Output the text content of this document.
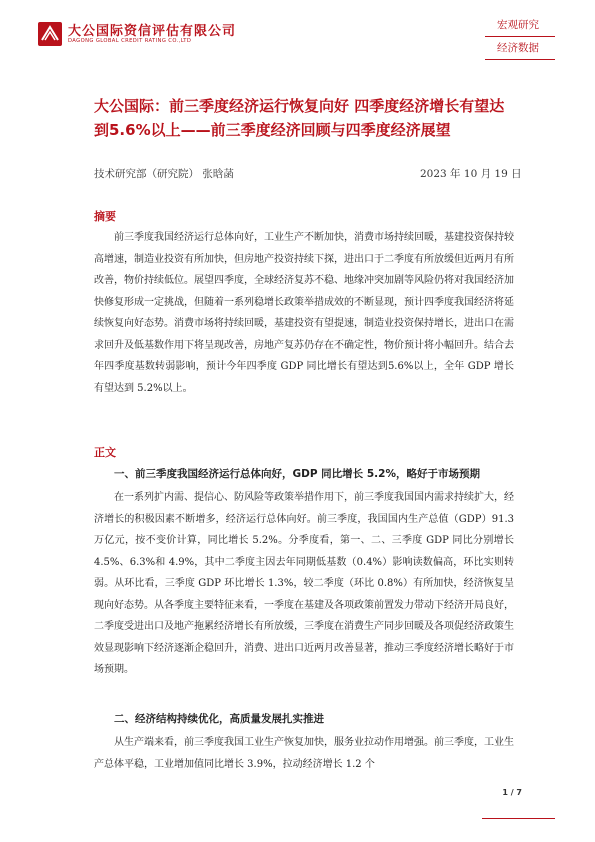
大公国际资信评估有限公司
DAGONG GLOBAL CREDIT RATING CO.,LTD
宏观研究
经济数据
大公国际：前三季度经济运行恢复向好 四季度经济增长有望达到5.6%以上——前三季度经济回顾与四季度经济展望
技术研究部（研究院） 张晗菡	2023 年 10 月 19 日
摘要

前三季度我国经济运行总体向好，工业生产不断加快，消费市场持续回暖，基建投资保持较高增速，制造业投资有所加快，但房地产投资持续下探，进出口于二季度有所放缓但近两月有所改善，物价持续低位。展望四季度，全球经济复苏不稳、地缘冲突加剧等风险仍将对我国经济加快修复形成一定挑战，但随着一系列稳增长政策举措成效的不断显现，预计四季度我国经济将延续恢复向好态势。消费市场将持续回暖，基建投资有望提速，制造业投资保持增长，进出口在需求回升及低基数作用下将呈现改善，房地产复苏仍存在不确定性，物价预计将小幅回升。结合去年四季度基数转弱影响，预计今年四季度 GDP 同比增长有望达到5.6%以上，全年 GDP 增长有望达到 5.2%以上。

正文
一、前三季度我国经济运行总体向好，GDP 同比增长 5.2%，略好于市场预期

在一系列扩内需、提信心、防风险等政策举措作用下，前三季度我国国内需求持续扩大，经济增长的积极因素不断增多，经济运行总体向好。前三季度，我国国内生产总值（GDP）91.3 万亿元，按不变价计算，同比增长 5.2%。分季度看，第一、二、三季度 GDP 同比分别增长 4.5%、6.3%和 4.9%，其中二季度主因去年同期低基数（0.4%）影响读数偏高，环比实则转弱。从环比看，三季度 GDP 环比增长 1.3%，较二季度（环比 0.8%）有所加快，经济恢复呈现向好态势。从各季度主要特征来看，一季度在基建及各项政策前置发力带动下经济开局良好，二季度受进出口及地产拖累经济增长有所放缓，三季度在消费生产同步回暖及各项促经济政策生效显现影响下经济逐渐企稳回升，消费、进出口近两月改善显著，推动三季度经济增长略好于市场预期。

二、经济结构持续优化，高质量发展扎实推进

从生产端来看，前三季度我国工业生产恢复加快，服务业拉动作用增强。前三季度，工业生产总体平稳，工业增加值同比增长 3.9%，拉动经济增长 1.2 个

1 / 7
